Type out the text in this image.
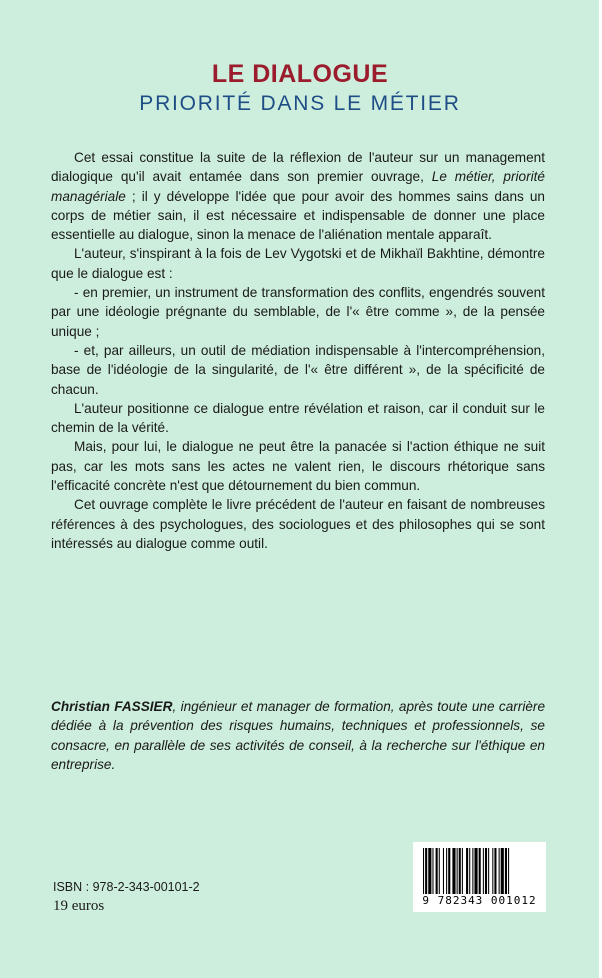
LE DIALOGUE
PRIORITÉ DANS LE MÉTIER

Cet essai constitue la suite de la réflexion de l'auteur sur un management dialogique qu'il avait entamée dans son premier ouvrage, Le métier, priorité managériale ; il y développe l'idée que pour avoir des hommes sains dans un corps de métier sain, il est nécessaire et indispensable de donner une place essentielle au dialogue, sinon la menace de l'aliénation mentale apparaît.

L'auteur, s'inspirant à la fois de Lev Vygotski et de Mikhaïl Bakhtine, démontre que le dialogue est :

- en premier, un instrument de transformation des conflits, engendrés souvent par une idéologie prégnante du semblable, de l'« être comme », de la pensée unique ;

- et, par ailleurs, un outil de médiation indispensable à l'intercompréhension, base de l'idéologie de la singularité, de l'« être différent », de la spécificité de chacun.

L'auteur positionne ce dialogue entre révélation et raison, car il conduit sur le chemin de la vérité.

Mais, pour lui, le dialogue ne peut être la panacée si l'action éthique ne suit pas, car les mots sans les actes ne valent rien, le discours rhétorique sans l'efficacité concrète n'est que détournement du bien commun.

Cet ouvrage complète le livre précédent de l'auteur en faisant de nombreuses références à des psychologues, des sociologues et des philosophes qui se sont intéressés au dialogue comme outil.

Christian FASSIER, ingénieur et manager de formation, après toute une carrière dédiée à la prévention des risques humains, techniques et professionnels, se consacre, en parallèle de ses activités de conseil, à la recherche sur l'éthique en entreprise.
ISBN : 978-2-343-00101-2
19 euros	9 782343 001012
